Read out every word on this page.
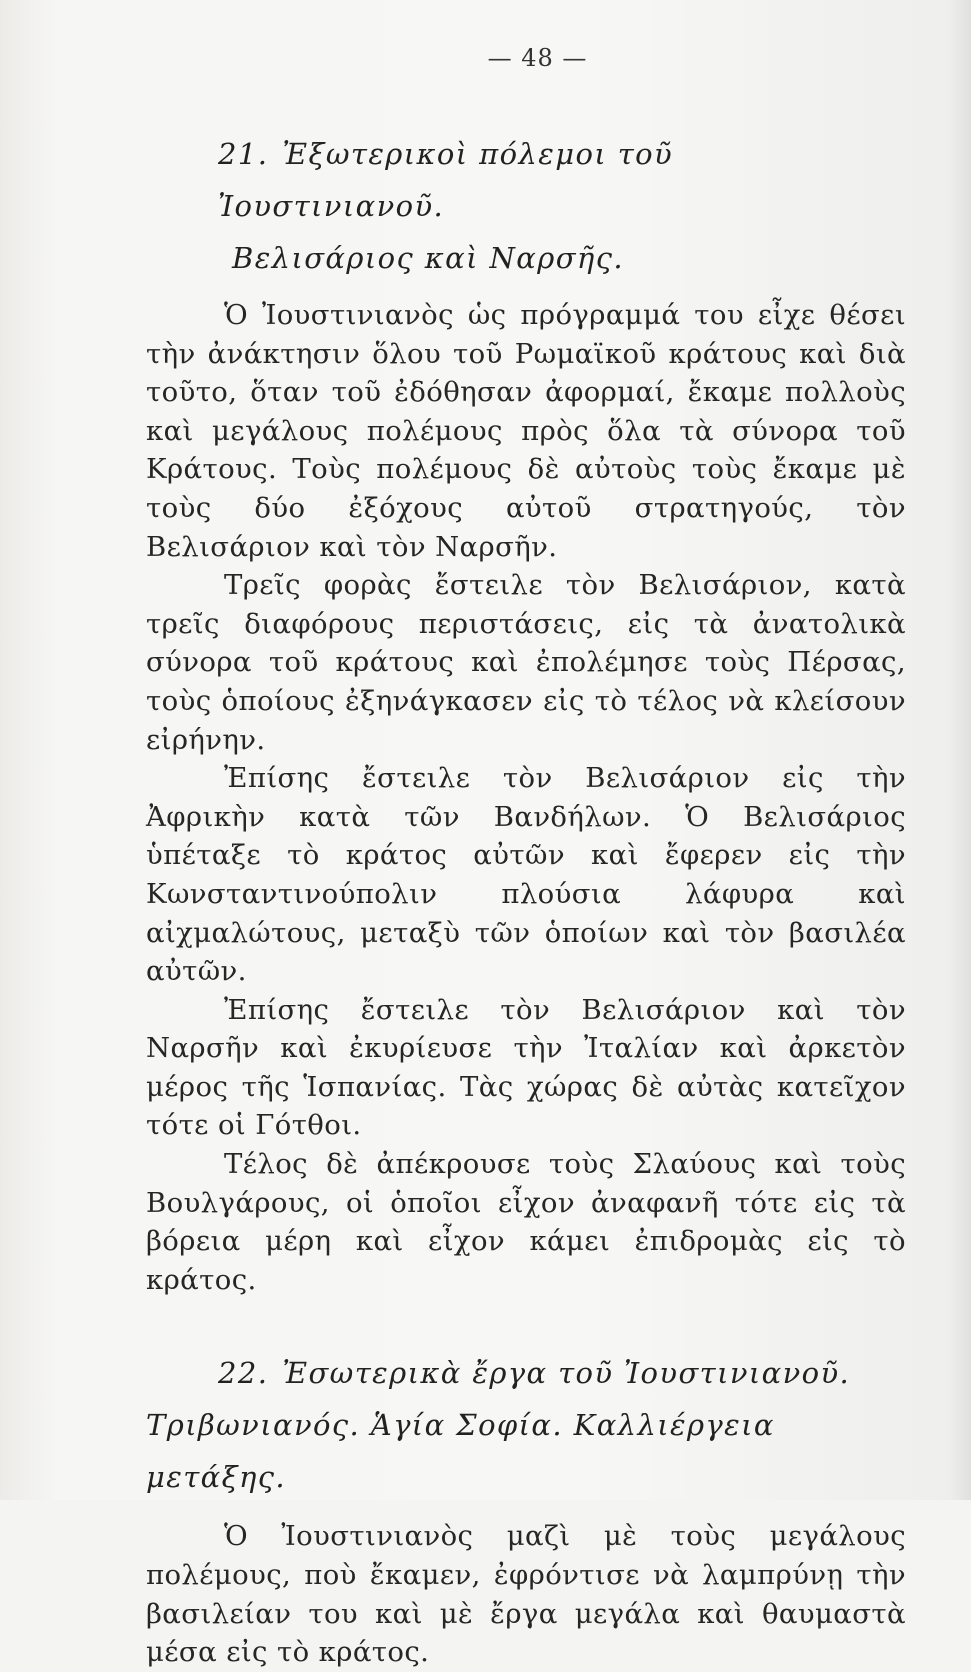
— 48 —
21. Ἐξωτερικοὶ πόλεμοι τοῦ Ἰουστινιανοῦ.
Βελισάριος καὶ Ναρσῆς.

Ὁ Ἰουστινιανὸς ὡς πρόγραμμά του εἶχε θέσει τὴν ἀνάκτησιν ὅλου τοῦ Ρωμαϊκοῦ κράτους καὶ διὰ τοῦτο, ὅταν τοῦ ἐδόθησαν ἀφορμαί, ἔκαμε πολλοὺς καὶ μεγάλους πολέμους πρὸς ὅλα τὰ σύνορα τοῦ Κράτους. Τοὺς πολέμους δὲ αὐτοὺς τοὺς ἔκαμε μὲ τοὺς δύο ἐξόχους αὐτοῦ στρατηγούς, τὸν Βελισάριον καὶ τὸν Ναρσῆν.

Τρεῖς φορὰς ἔστειλε τὸν Βελισάριον, κατὰ τρεῖς διαφόρους περιστάσεις, εἰς τὰ ἀνατολικὰ σύνορα τοῦ κράτους καὶ ἐπολέμησε τοὺς Πέρσας, τοὺς ὁποίους ἐξηνάγκασεν εἰς τὸ τέλος νὰ κλείσουν εἰρήνην.

Ἐπίσης ἔστειλε τὸν Βελισάριον εἰς τὴν Ἀφρικὴν κατὰ τῶν Βανδήλων. Ὁ Βελισάριος ὑπέταξε τὸ κράτος αὐτῶν καὶ ἔφερεν εἰς τὴν Κωνσταντινούπολιν πλούσια λάφυρα καὶ αἰχμαλώτους, μεταξὺ τῶν ὁποίων καὶ τὸν βασιλέα αὐτῶν.

Ἐπίσης ἔστειλε τὸν Βελισάριον καὶ τὸν Ναρσῆν καὶ ἐκυρίευσε τὴν Ἰταλίαν καὶ ἀρκετὸν μέρος τῆς Ἱσπανίας. Τὰς χώρας δὲ αὐτὰς κατεῖχον τότε οἱ Γότθοι.

Τέλος δὲ ἀπέκρουσε τοὺς Σλαύους καὶ τοὺς Βουλγάρους, οἱ ὁποῖοι εἶχον ἀναφανῆ τότε εἰς τὰ βόρεια μέρη καὶ εἶχον κάμει ἐπιδρομὰς εἰς τὸ κράτος.

22. Ἐσωτερικὰ ἔργα τοῦ Ἰουστινιανοῦ.
Τριβωνιανός. Ἁγία Σοφία. Καλλιέργεια μετάξης.

Ὁ Ἰουστινιανὸς μαζὶ μὲ τοὺς μεγάλους πολέμους, ποὺ ἔκαμεν, ἐφρόντισε νὰ λαμπρύνῃ τὴν βασιλείαν του καὶ μὲ ἔργα μεγάλα καὶ θαυμαστὰ μέσα εἰς τὸ κράτος.
